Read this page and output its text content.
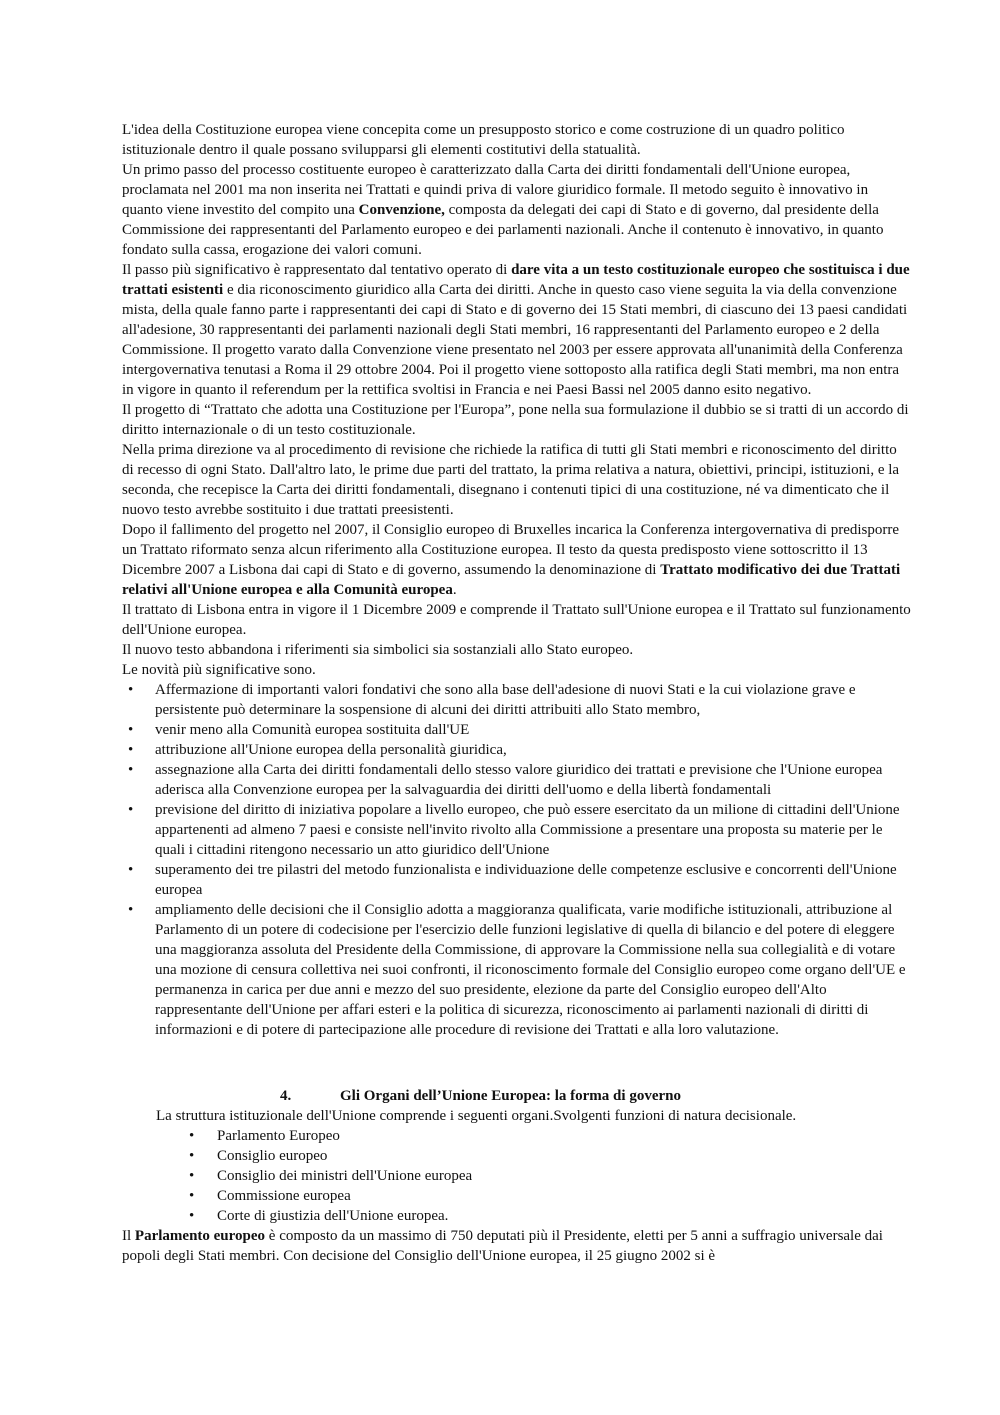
L'idea della Costituzione europea viene concepita come un presupposto storico e come costruzione di un quadro politico istituzionale dentro il quale possano svilupparsi gli elementi costitutivi della statualità.

Un primo passo del processo costituente europeo è caratterizzato dalla Carta dei diritti fondamentali dell'Unione europea, proclamata nel 2001 ma non inserita nei Trattati e quindi priva di valore giuridico formale. Il metodo seguito è innovativo in quanto viene investito del compito una Convenzione, composta da delegati dei capi di Stato e di governo, dal presidente della Commissione dei rappresentanti del Parlamento europeo e dei parlamenti nazionali. Anche il contenuto è innovativo, in quanto fondato sulla cassa, erogazione dei valori comuni.

Il passo più significativo è rappresentato dal tentativo operato di dare vita a un testo costituzionale europeo che sostituisca i due trattati esistenti e dia riconoscimento giuridico alla Carta dei diritti. Anche in questo caso viene seguita la via della convenzione mista, della quale fanno parte i rappresentanti dei capi di Stato e di governo dei 15 Stati membri, di ciascuno dei 13 paesi candidati all'adesione, 30 rappresentanti dei parlamenti nazionali degli Stati membri, 16 rappresentanti del Parlamento europeo e 2 della Commissione. Il progetto varato dalla Convenzione viene presentato nel 2003 per essere approvata all'unanimità della Conferenza intergovernativa tenutasi a Roma il 29 ottobre 2004. Poi il progetto viene sottoposto alla ratifica degli Stati membri, ma non entra in vigore in quanto il referendum per la rettifica svoltisi in Francia e nei Paesi Bassi nel 2005 danno esito negativo.

Il progetto di “Trattato che adotta una Costituzione per l'Europa”, pone nella sua formulazione il dubbio se si tratti di un accordo di diritto internazionale o di un testo costituzionale.

Nella prima direzione va al procedimento di revisione che richiede la ratifica di tutti gli Stati membri e riconoscimento del diritto di recesso di ogni Stato. Dall'altro lato, le prime due parti del trattato, la prima relativa a natura, obiettivi, principi, istituzioni, e la seconda, che recepisce la Carta dei diritti fondamentali, disegnano i contenuti tipici di una costituzione, né va dimenticato che il nuovo testo avrebbe sostituito i due trattati preesistenti.

Dopo il fallimento del progetto nel 2007, il Consiglio europeo di Bruxelles incarica la Conferenza intergovernativa di predisporre un Trattato riformato senza alcun riferimento alla Costituzione europea. Il testo da questa predisposto viene sottoscritto il 13 Dicembre 2007 a Lisbona dai capi di Stato e di governo, assumendo la denominazione di Trattato modificativo dei due Trattati relativi all'Unione europea e alla Comunità europea.

Il trattato di Lisbona entra in vigore il 1 Dicembre 2009 e comprende il Trattato sull'Unione europea e il Trattato sul funzionamento dell'Unione europea.

Il nuovo testo abbandona i riferimenti sia simbolici sia sostanziali allo Stato europeo.

Le novità più significative sono.

• Affermazione di importanti valori fondativi che sono alla base dell'adesione di nuovi Stati e la cui violazione grave e persistente può determinare la sospensione di alcuni dei diritti attribuiti allo Stato membro,
• venir meno alla Comunità europea sostituita dall'UE
• attribuzione all'Unione europea della personalità giuridica,
• assegnazione alla Carta dei diritti fondamentali dello stesso valore giuridico dei trattati e previsione che l'Unione europea aderisca alla Convenzione europea per la salvaguardia dei diritti dell'uomo e della libertà fondamentali
• previsione del diritto di iniziativa popolare a livello europeo, che può essere esercitato da un milione di cittadini dell'Unione appartenenti ad almeno 7 paesi e consiste nell'invito rivolto alla Commissione a presentare una proposta su materie per le quali i cittadini ritengono necessario un atto giuridico dell'Unione
• superamento dei tre pilastri del metodo funzionalista e individuazione delle competenze esclusive e concorrenti dell'Unione europea
• ampliamento delle decisioni che il Consiglio adotta a maggioranza qualificata, varie modifiche istituzionali, attribuzione al Parlamento di un potere di codecisione per l'esercizio delle funzioni legislative di quella di bilancio e del potere di eleggere una maggioranza assoluta del Presidente della Commissione, di approvare la Commissione nella sua collegialità e di votare una mozione di censura collettiva nei suoi confronti, il riconoscimento formale del Consiglio europeo come organo dell'UE e permanenza in carica per due anni e mezzo del suo presidente, elezione da parte del Consiglio europeo dell'Alto rappresentante dell'Unione per affari esteri e la politica di sicurezza, riconoscimento ai parlamenti nazionali di diritti di informazioni e di potere di partecipazione alle procedure di revisione dei Trattati e alla loro valutazione.
4.	Gli Organi dell’Unione Europea: la forma di governo

La struttura istituzionale dell'Unione comprende i seguenti organi.Svolgenti funzioni di natura decisionale.

• Parlamento Europeo
• Consiglio europeo
• Consiglio dei ministri dell'Unione europea
• Commissione europea
• Corte di giustizia dell'Unione europea.

Il Parlamento europeo è composto da un massimo di 750 deputati più il Presidente, eletti per 5 anni a suffragio universale dai popoli degli Stati membri. Con decisione del Consiglio dell'Unione europea, il 25 giugno 2002 si è
